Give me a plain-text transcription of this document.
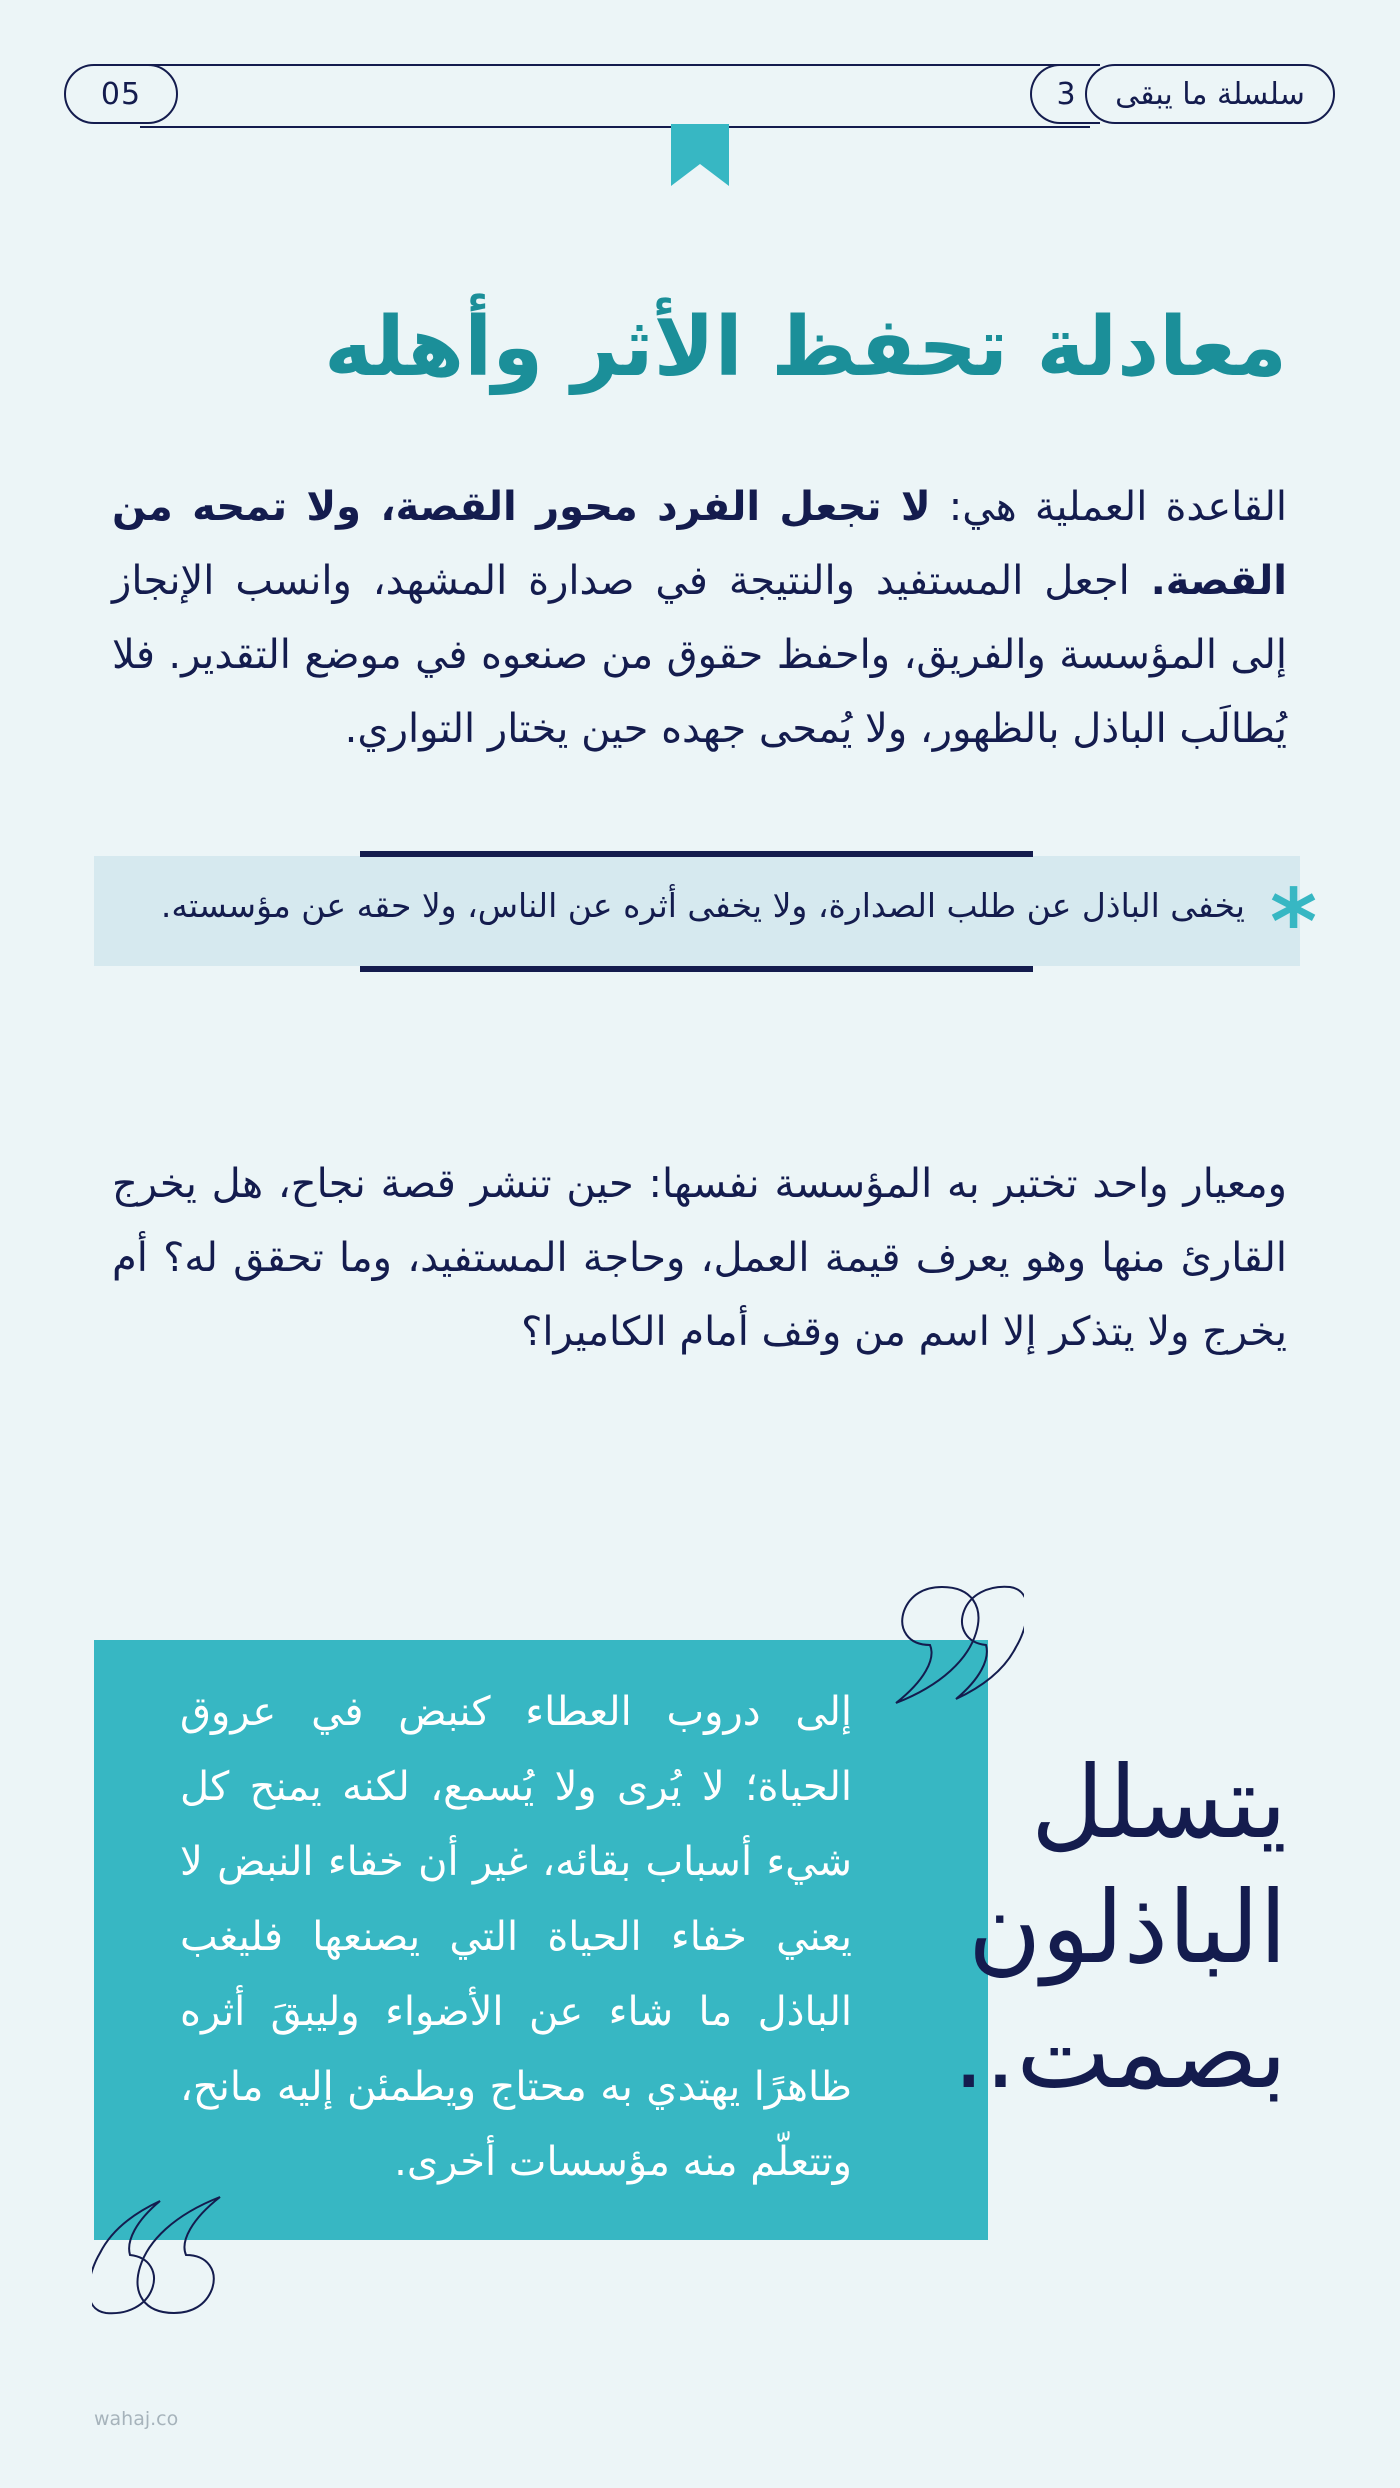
05	3	سلسلة ما يبقى
معادلة تحفظ الأثر وأهله

القاعدة العملية هي: لا تجعل الفرد محور القصة، ولا تمحه من القصة. اجعل المستفيد والنتيجة في صدارة المشهد، وانسب الإنجاز إلى المؤسسة والفريق، واحفظ حقوق من صنعوه في موضع التقدير. فلا يُطالَب الباذل بالظهور، ولا يُمحى جهده حين يختار التواري.

يخفى الباذل عن طلب الصدارة، ولا يخفى أثره عن الناس، ولا حقه عن مؤسسته. *

ومعيار واحد تختبر به المؤسسة نفسها: حين تنشر قصة نجاح، هل يخرج القارئ منها وهو يعرف قيمة العمل، وحاجة المستفيد، وما تحقق له؟ أم يخرج ولا يتذكر إلا اسم من وقف أمام الكاميرا؟

إلى دروب العطاء كنبض في عروق الحياة؛ لا يُرى ولا يُسمع، لكنه يمنح كل شيء أسباب بقائه، غير أن خفاء النبض لا يعني خفاء الحياة التي يصنعها فليغب الباذل ما شاء عن الأضواء وليبقَ أثره ظاهرًا يهتدي به محتاج ويطمئن إليه مانح، وتتعلّم منه مؤسسات أخرى.

يتسلل الباذلون بصمت..

wahaj.co
